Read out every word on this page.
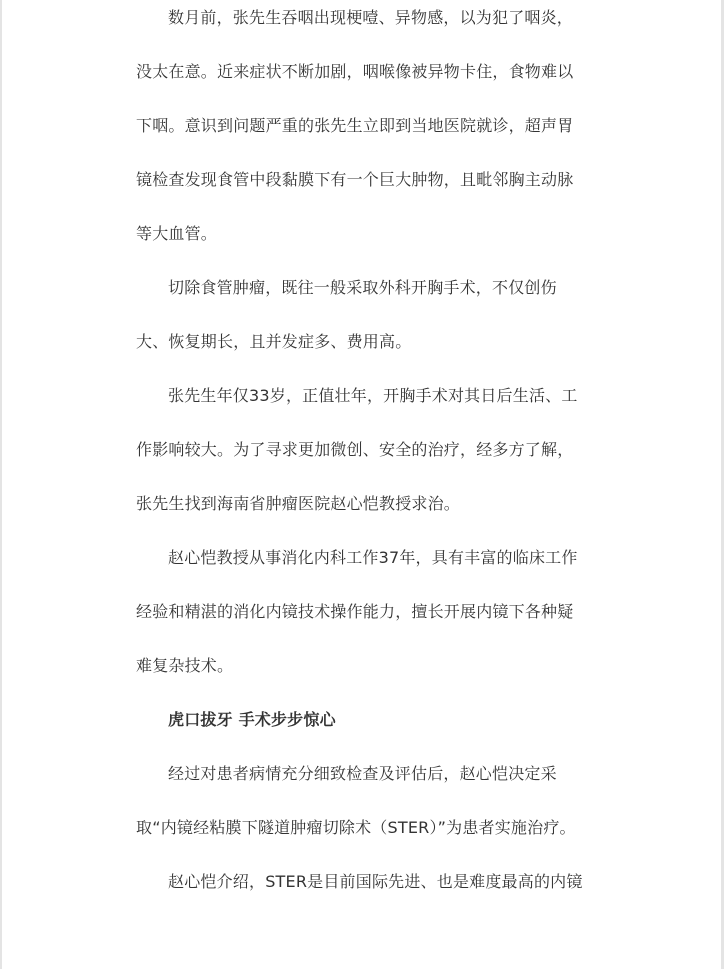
数月前，张先生吞咽出现梗噎、异物感，以为犯了咽炎，没太在意。近来症状不断加剧，咽喉像被异物卡住，食物难以下咽。意识到问题严重的张先生立即到当地医院就诊，超声胃镜检查发现食管中段黏膜下有一个巨大肿物，且毗邻胸主动脉等大血管。

切除食管肿瘤，既往一般采取外科开胸手术，不仅创伤大、恢复期长，且并发症多、费用高。

张先生年仅33岁，正值壮年，开胸手术对其日后生活、工作影响较大。为了寻求更加微创、安全的治疗，经多方了解，张先生找到海南省肿瘤医院赵心恺教授求治。

赵心恺教授从事消化内科工作37年，具有丰富的临床工作经验和精湛的消化内镜技术操作能力，擅长开展内镜下各种疑难复杂技术。

虎口拔牙 手术步步惊心

经过对患者病情充分细致检查及评估后，赵心恺决定采取“内镜经粘膜下隧道肿瘤切除术（STER）”为患者实施治疗。

赵心恺介绍，STER是目前国际先进、也是难度最高的内镜
